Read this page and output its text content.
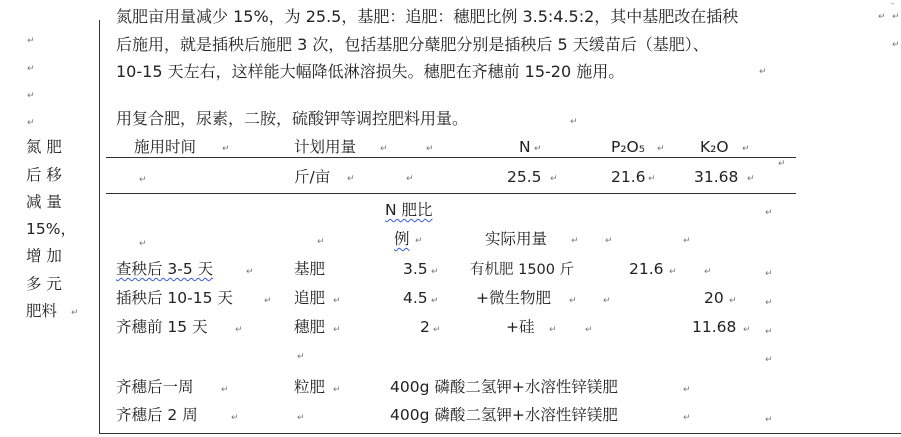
-
↵
↵
↵
↵
氮 肥
后 移
减 量
15%，
增 加
多 元
肥料 ↵
氮肥亩用量减少 15%，为 25.5，基肥：追肥：穗肥比例 3.5:4.5:2，其中基肥改在插秧	↵ ↵
后施用，就是插秧后施肥 3 次，包括基肥分蘖肥分别是插秧后 5 天缓苗后（基肥）、	↵
10-15 天左右，这样能大幅降低淋溶损失。穗肥在齐穗前 15-20 施用。	↵
用复合肥，尿素，二胺，硫酸钾等调控肥料用量。	↵
施用时间	↵	计划用量	↵	↵	N ↵	P₂O₅ ↵ K₂O ↵
↵
↵	斤/亩 ↵	↵	25.5 ↵	21.6 ↵ 31.68 ↵
N 肥比	↵
↵	↵	例 ↵	实际用量	↵	↵	↵
查秧后 3-5 天	↵	基肥	3.5 ↵ 有机肥 1500 斤	21.6 ↵	↵	↵
插秧后 10-15 天	↵ 追肥 ↵	4.5 ↵ +微生物肥 ↵	↵	20 ↵	↵
齐穗前 15 天	↵	穗肥 ↵	2 ↵	+硅 ↵	↵	11.68 ↵ ↵
↵	↵
齐穗后一周	↵	粒肥 ↵	400g 磷酸二氢钾+水溶性锌镁肥	↵
齐穗后 2 周	↵	↵	400g 磷酸二氢钾+水溶性锌镁肥	↵	↵
